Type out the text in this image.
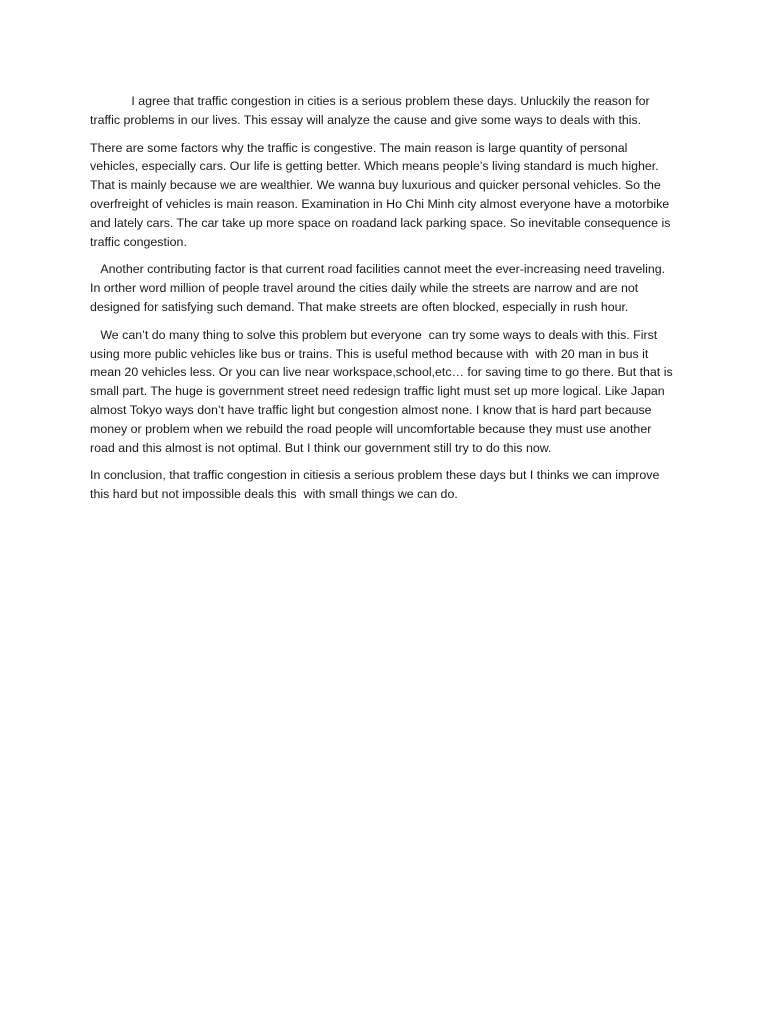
I agree that traffic congestion in cities is a serious problem these days. Unluckily the reason for traffic problems in our lives. This essay will analyze the cause and give some ways to deals with this.

There are some factors why the traffic is congestive. The main reason is large quantity of personal vehicles, especially cars. Our life is getting better. Which means people’s living standard is much higher. That is mainly because we are wealthier. We wanna buy luxurious and quicker personal vehicles. So the overfreight of vehicles is main reason. Examination in Ho Chi Minh city almost everyone have a motorbike and lately cars. The car take up more space on roadand lack parking space. So inevitable consequence is traffic congestion.

Another contributing factor is that current road facilities cannot meet the ever-increasing need traveling. In orther word million of people travel around the cities daily while the streets are narrow and are not designed for satisfying such demand. That make streets are often blocked, especially in rush hour.

We can’t do many thing to solve this problem but everyone  can try some ways to deals with this. First using more public vehicles like bus or trains. This is useful method because with  with 20 man in bus it mean 20 vehicles less. Or you can live near workspace,school,etc… for saving time to go there. But that is small part. The huge is government street need redesign traffic light must set up more logical. Like Japan almost Tokyo ways don’t have traffic light but congestion almost none. I know that is hard part because money or problem when we rebuild the road people will uncomfortable because they must use another road and this almost is not optimal. But I think our government still try to do this now.

In conclusion, that traffic congestion in citiesis a serious problem these days but I thinks we can improve this hard but not impossible deals this  with small things we can do.
